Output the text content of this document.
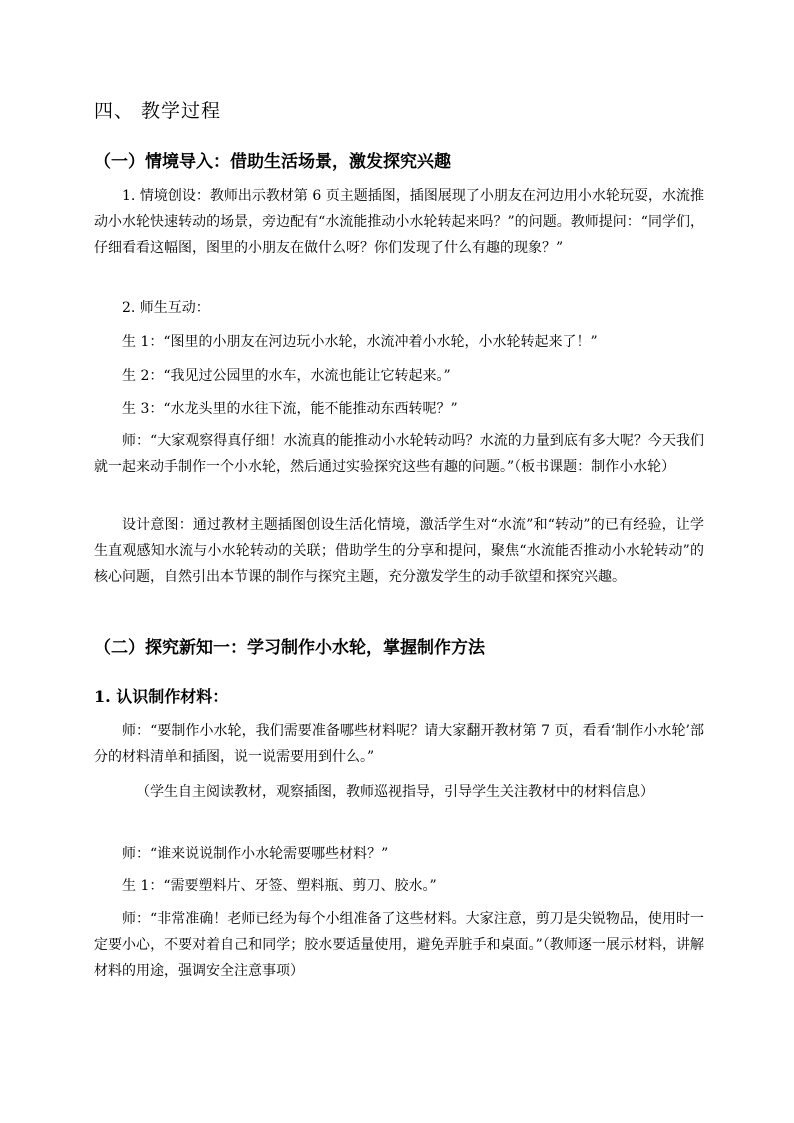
四、 教学过程
（一）情境导入：借助生活场景，激发探究兴趣

1. 情境创设：教师出示教材第 6 页主题插图，插图展现了小朋友在河边用小水轮玩耍，水流推动小水轮快速转动的场景，旁边配有“水流能推动小水轮转起来吗？”的问题。教师提问：“同学们，仔细看看这幅图，图里的小朋友在做什么呀？你们发现了什么有趣的现象？”

2. 师生互动：

生 1：“图里的小朋友在河边玩小水轮，水流冲着小水轮，小水轮转起来了！”

生 2：“我见过公园里的水车，水流也能让它转起来。”

生 3：“水龙头里的水往下流，能不能推动东西转呢？”

师：“大家观察得真仔细！水流真的能推动小水轮转动吗？水流的力量到底有多大呢？今天我们就一起来动手制作一个小水轮，然后通过实验探究这些有趣的问题。”（板书课题：制作小水轮）

设计意图：通过教材主题插图创设生活化情境，激活学生对“水流”和“转动”的已有经验，让学生直观感知水流与小水轮转动的关联；借助学生的分享和提问，聚焦“水流能否推动小水轮转动”的核心问题，自然引出本节课的制作与探究主题，充分激发学生的动手欲望和探究兴趣。

（二）探究新知一：学习制作小水轮，掌握制作方法
1. 认识制作材料：

师：“要制作小水轮，我们需要准备哪些材料呢？请大家翻开教材第 7 页，看看‘制作小水轮’部分的材料清单和插图，说一说需要用到什么。”

（学生自主阅读教材，观察插图，教师巡视指导，引导学生关注教材中的材料信息）

师：“谁来说说制作小水轮需要哪些材料？”

生 1：“需要塑料片、牙签、塑料瓶、剪刀、胶水。”

师：“非常准确！老师已经为每个小组准备了这些材料。大家注意，剪刀是尖锐物品，使用时一定要小心，不要对着自己和同学；胶水要适量使用，避免弄脏手和桌面。”（教师逐一展示材料，讲解材料的用途，强调安全注意事项）
